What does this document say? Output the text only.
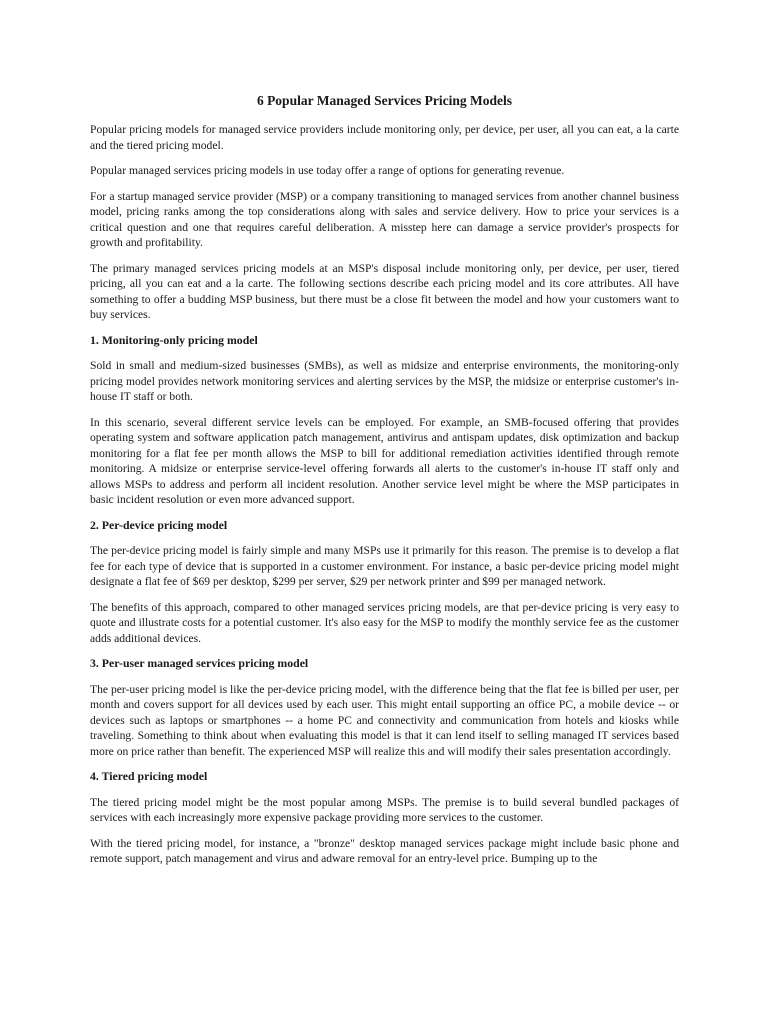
6 Popular Managed Services Pricing Models

Popular pricing models for managed service providers include monitoring only, per device, per user, all you can eat, a la carte and the tiered pricing model.

Popular managed services pricing models in use today offer a range of options for generating revenue.

For a startup managed service provider (MSP) or a company transitioning to managed services from another channel business model, pricing ranks among the top considerations along with sales and service delivery. How to price your services is a critical question and one that requires careful deliberation. A misstep here can damage a service provider's prospects for growth and profitability.

The primary managed services pricing models at an MSP's disposal include monitoring only, per device, per user, tiered pricing, all you can eat and a la carte. The following sections describe each pricing model and its core attributes. All have something to offer a budding MSP business, but there must be a close fit between the model and how your customers want to buy services.

1. Monitoring-only pricing model

Sold in small and medium-sized businesses (SMBs), as well as midsize and enterprise environments, the monitoring-only pricing model provides network monitoring services and alerting services by the MSP, the midsize or enterprise customer's in-house IT staff or both.

In this scenario, several different service levels can be employed. For example, an SMB-focused offering that provides operating system and software application patch management, antivirus and antispam updates, disk optimization and backup monitoring for a flat fee per month allows the MSP to bill for additional remediation activities identified through remote monitoring. A midsize or enterprise service-level offering forwards all alerts to the customer's in-house IT staff only and allows MSPs to address and perform all incident resolution. Another service level might be where the MSP participates in basic incident resolution or even more advanced support.

2. Per-device pricing model

The per-device pricing model is fairly simple and many MSPs use it primarily for this reason. The premise is to develop a flat fee for each type of device that is supported in a customer environment. For instance, a basic per-device pricing model might designate a flat fee of $69 per desktop, $299 per server, $29 per network printer and $99 per managed network.

The benefits of this approach, compared to other managed services pricing models, are that per-device pricing is very easy to quote and illustrate costs for a potential customer. It's also easy for the MSP to modify the monthly service fee as the customer adds additional devices.

3. Per-user managed services pricing model

The per-user pricing model is like the per-device pricing model, with the difference being that the flat fee is billed per user, per month and covers support for all devices used by each user. This might entail supporting an office PC, a mobile device -- or devices such as laptops or smartphones -- a home PC and connectivity and communication from hotels and kiosks while traveling. Something to think about when evaluating this model is that it can lend itself to selling managed IT services based more on price rather than benefit. The experienced MSP will realize this and will modify their sales presentation accordingly.

4. Tiered pricing model

The tiered pricing model might be the most popular among MSPs. The premise is to build several bundled packages of services with each increasingly more expensive package providing more services to the customer.

With the tiered pricing model, for instance, a "bronze" desktop managed services package might include basic phone and remote support, patch management and virus and adware removal for an entry-level price. Bumping up to the
